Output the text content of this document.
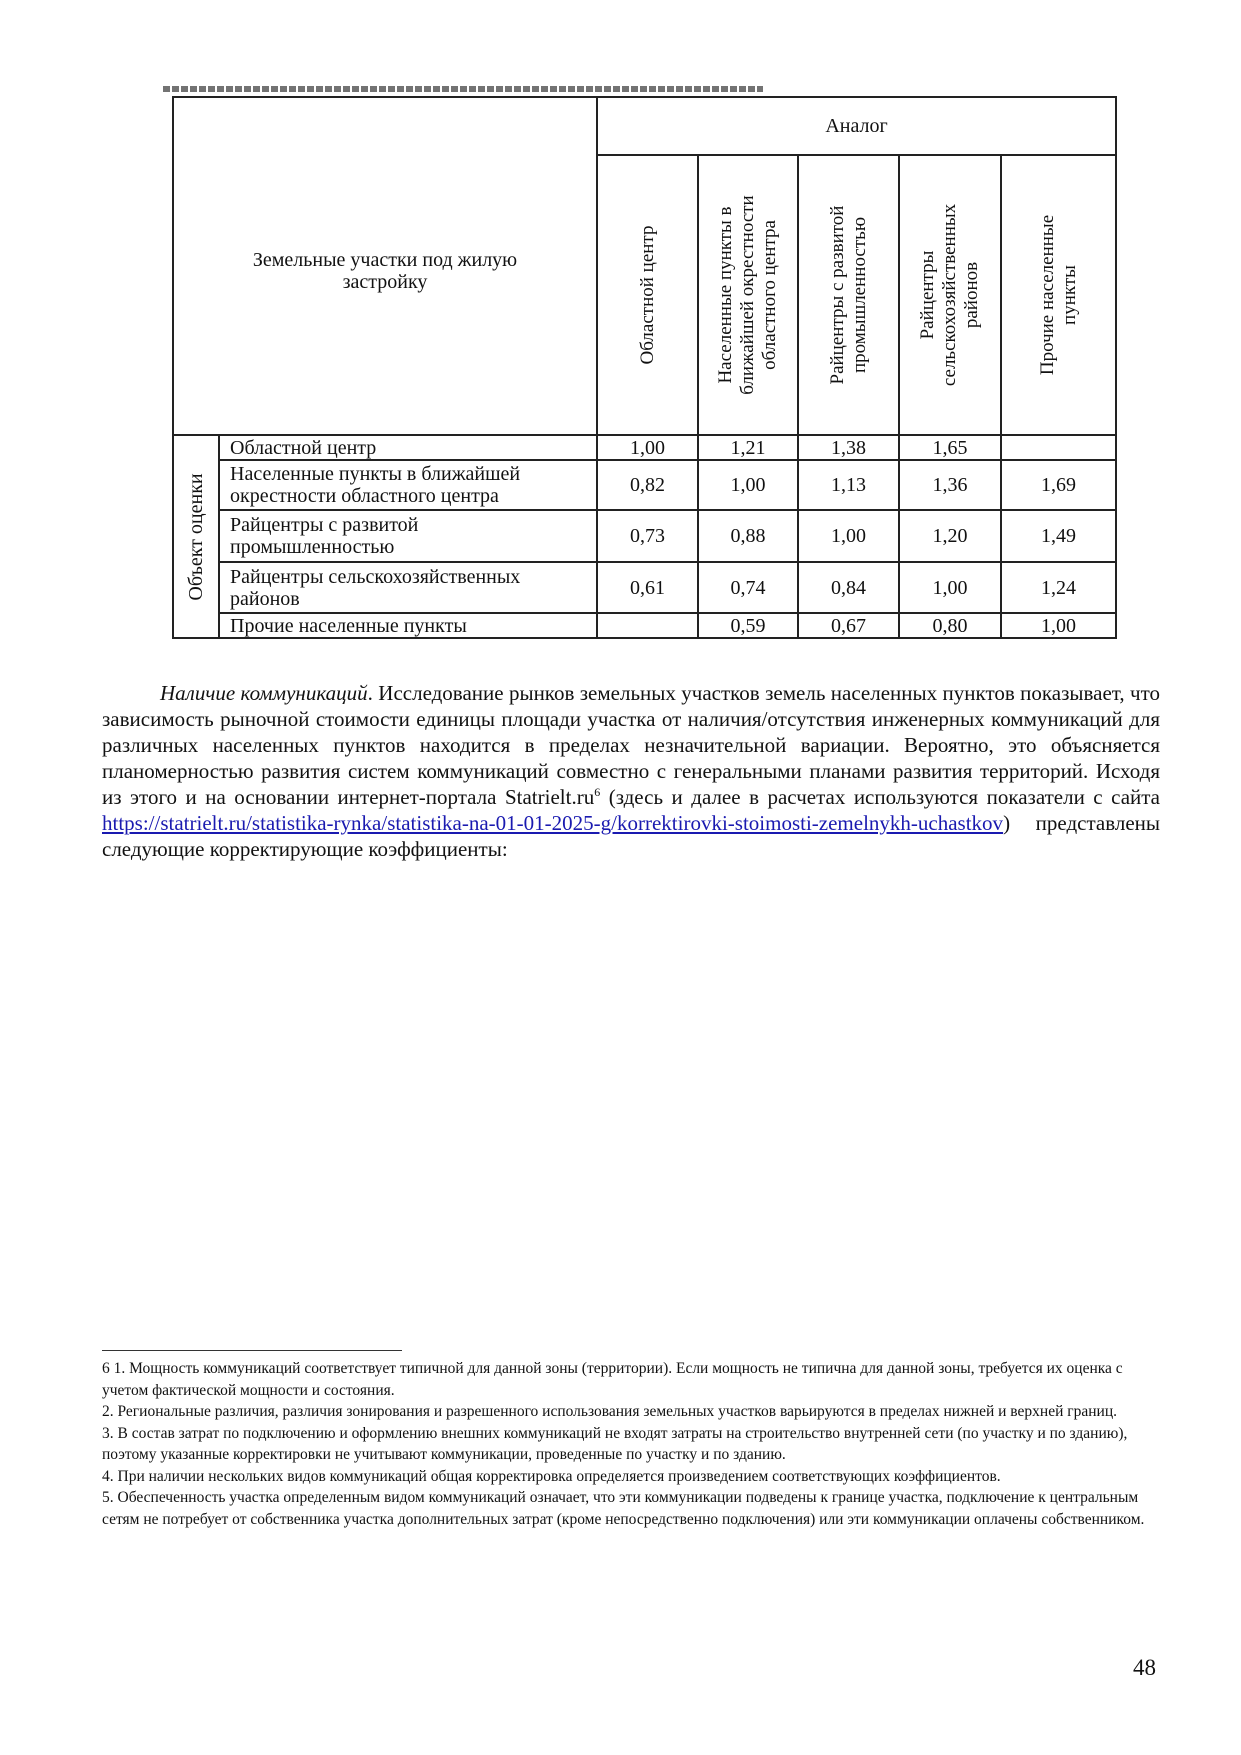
Земельные участки под жилую застройку		Аналог				

Областной центр	Населенные пункты в ближайшей окрестности областного центра	Райцентры с развитой промышленностью	Райцентры сельскохозяйственных районов	Прочие населенные пункты

Объект оценки	Областной центр	1,00	1,21	1,38	1,65	

	Населенные пункты в ближайшей
окрестности областного центра	0,82	1,00	1,13	1,36	1,69

	Райцентры с развитой
промышленностью	0,73	0,88	1,00	1,20	1,49

	Райцентры сельскохозяйственных
районов	0,61	0,74	0,84	1,00	1,24

	Прочие населенные пункты		0,59	0,67	0,80	1,00
Наличие коммуникаций. Исследование рынков земельных участков земель населенных пунктов показывает, что зависимость рыночной стоимости единицы площади участка от наличия/отсутствия инженерных коммуникаций для различных населенных пунктов находится в пределах незначительной вариации. Вероятно, это объясняется планомерностью развития систем коммуникаций совместно с генеральными планами развития территорий. Исходя из этого и на основании интернет-портала $Statrielt.ru^6$ (здесь и далее в расчетах используются показатели с сайта https://statrielt.ru/statistika-rynka/statistika-na-01-01-2025-g/korrektirovki-stoimosti-zemelnykh-uchastkov) представлены следующие корректирующие коэффициенты:

6 1. Мощность коммуникаций соответствует типичной для данной зоны (территории). Если мощность не типична для данной зоны, требуется их оценка с учетом фактической мощности и состояния.

2. Региональные различия, различия зонирования и разрешенного использования земельных участков варьируются в пределах нижней и верхней границ.

3. В состав затрат по подключению и оформлению внешних коммуникаций не входят затраты на строительство внутренней сети (по участку и по зданию), поэтому указанные корректировки не учитывают коммуникации, проведенные по участку и по зданию.

4. При наличии нескольких видов коммуникаций общая корректировка определяется произведением соответствующих коэффициентов.

5. Обеспеченность участка определенным видом коммуникаций означает, что эти коммуникации подведены к границе участка, подключение к центральным сетям не потребует от собственника участка дополнительных затрат (кроме непосредственно подключения) или эти коммуникации оплачены собственником.

48
